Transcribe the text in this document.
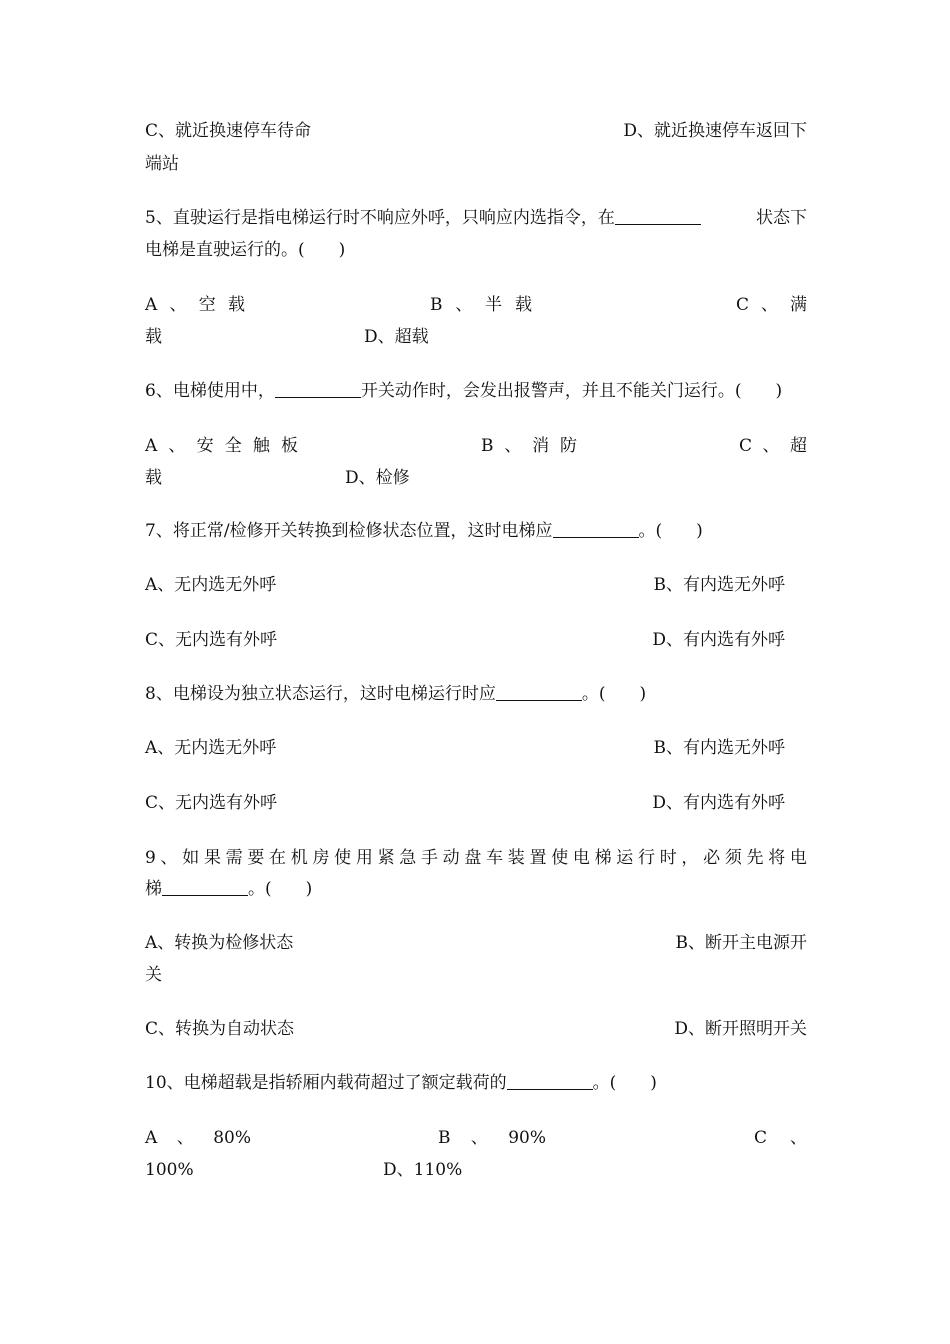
C、就近换速停车待命	D、就近换速停车返回下
端站
5、直驶运行是指电梯运行时不响应外呼，只响应内选指令，在	状态下
电梯是直驶运行的。(　　)
A 、 空 载	B 、 半 载	C 、 满
载	D、超载
6、电梯使用中，	开关动作时，会发出报警声，并且不能关门运行。(　　)
A 、 安 全 触 板	B 、 消 防	C 、 超
载	D、检修
7、将正常/检修开关转换到检修状态位置，这时电梯应	。(　　)
A、无内选无外呼	B、有内选无外呼
C、无内选有外呼	D、有内选有外呼
8、电梯设为独立状态运行，这时电梯运行时应	。(　　)
A、无内选无外呼	B、有内选无外呼
C、无内选有外呼	D、有内选有外呼
9 、 如 果 需 要 在 机 房 使 用 紧 急 手 动 盘 车 装 置 使 电 梯 运 行 时 ， 必 须 先 将 电
梯	。(　　)
A、转换为检修状态	B、断开主电源开
关
C、转换为自动状态	D、断开照明开关
10、电梯超载是指轿厢内载荷超过了额定载荷的	。(　　)
A 、 80%	B 、 90%	C 、
100%	D、110%
